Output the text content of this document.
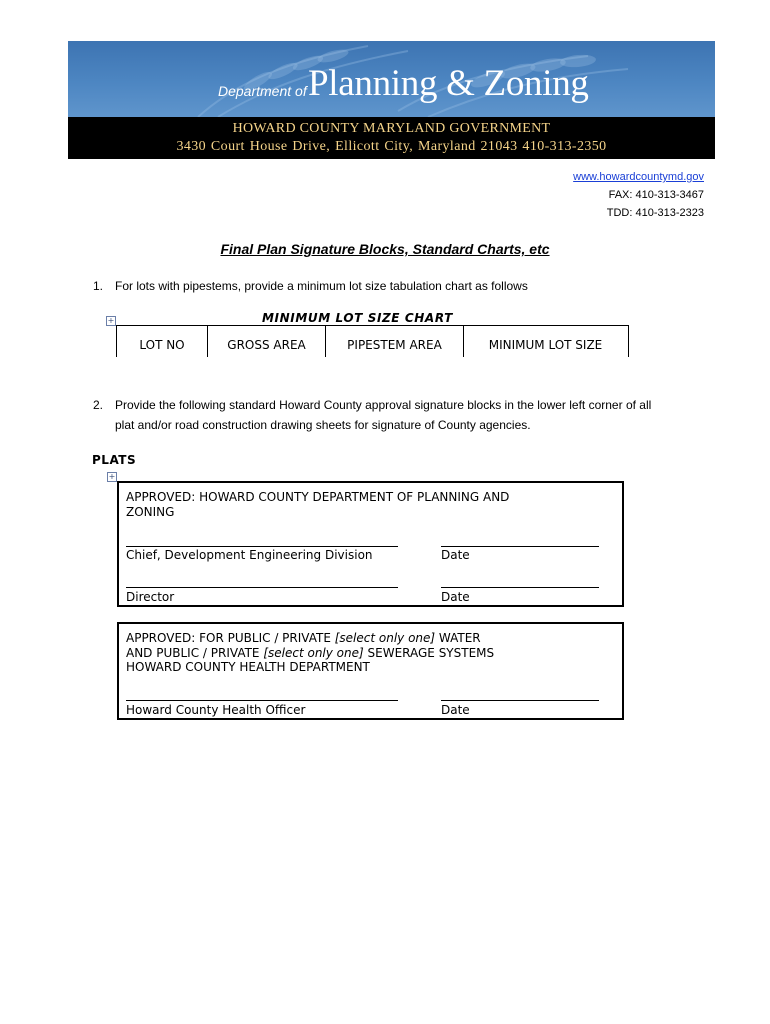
Department of Planning & Zoning
HOWARD COUNTY MARYLAND GOVERNMENT
3430 Court House Drive, Ellicott City, Maryland 21043 410-313-2350
www.howardcountymd.gov
FAX: 410-313-3467
TDD: 410-313-2323
Final Plan Signature Blocks, Standard Charts, etc
1. For lots with pipestems, provide a minimum lot size tabulation chart as follows
+	MINIMUM LOT SIZE CHART
LOT NO	GROSS AREA	PIPESTEM AREA	MINIMUM LOT SIZE
2. Provide the following standard Howard County approval signature blocks in the lower left corner of all
plat and/or road construction drawing sheets for signature of County agencies.
PLATS
+
APPROVED: HOWARD COUNTY DEPARTMENT OF PLANNING AND
ZONING
Chief, Development Engineering Division	Date
Director	Date
APPROVED: FOR PUBLIC / PRIVATE [select only one] WATER
AND PUBLIC / PRIVATE [select only one] SEWERAGE SYSTEMS
HOWARD COUNTY HEALTH DEPARTMENT
Howard County Health Officer	Date
